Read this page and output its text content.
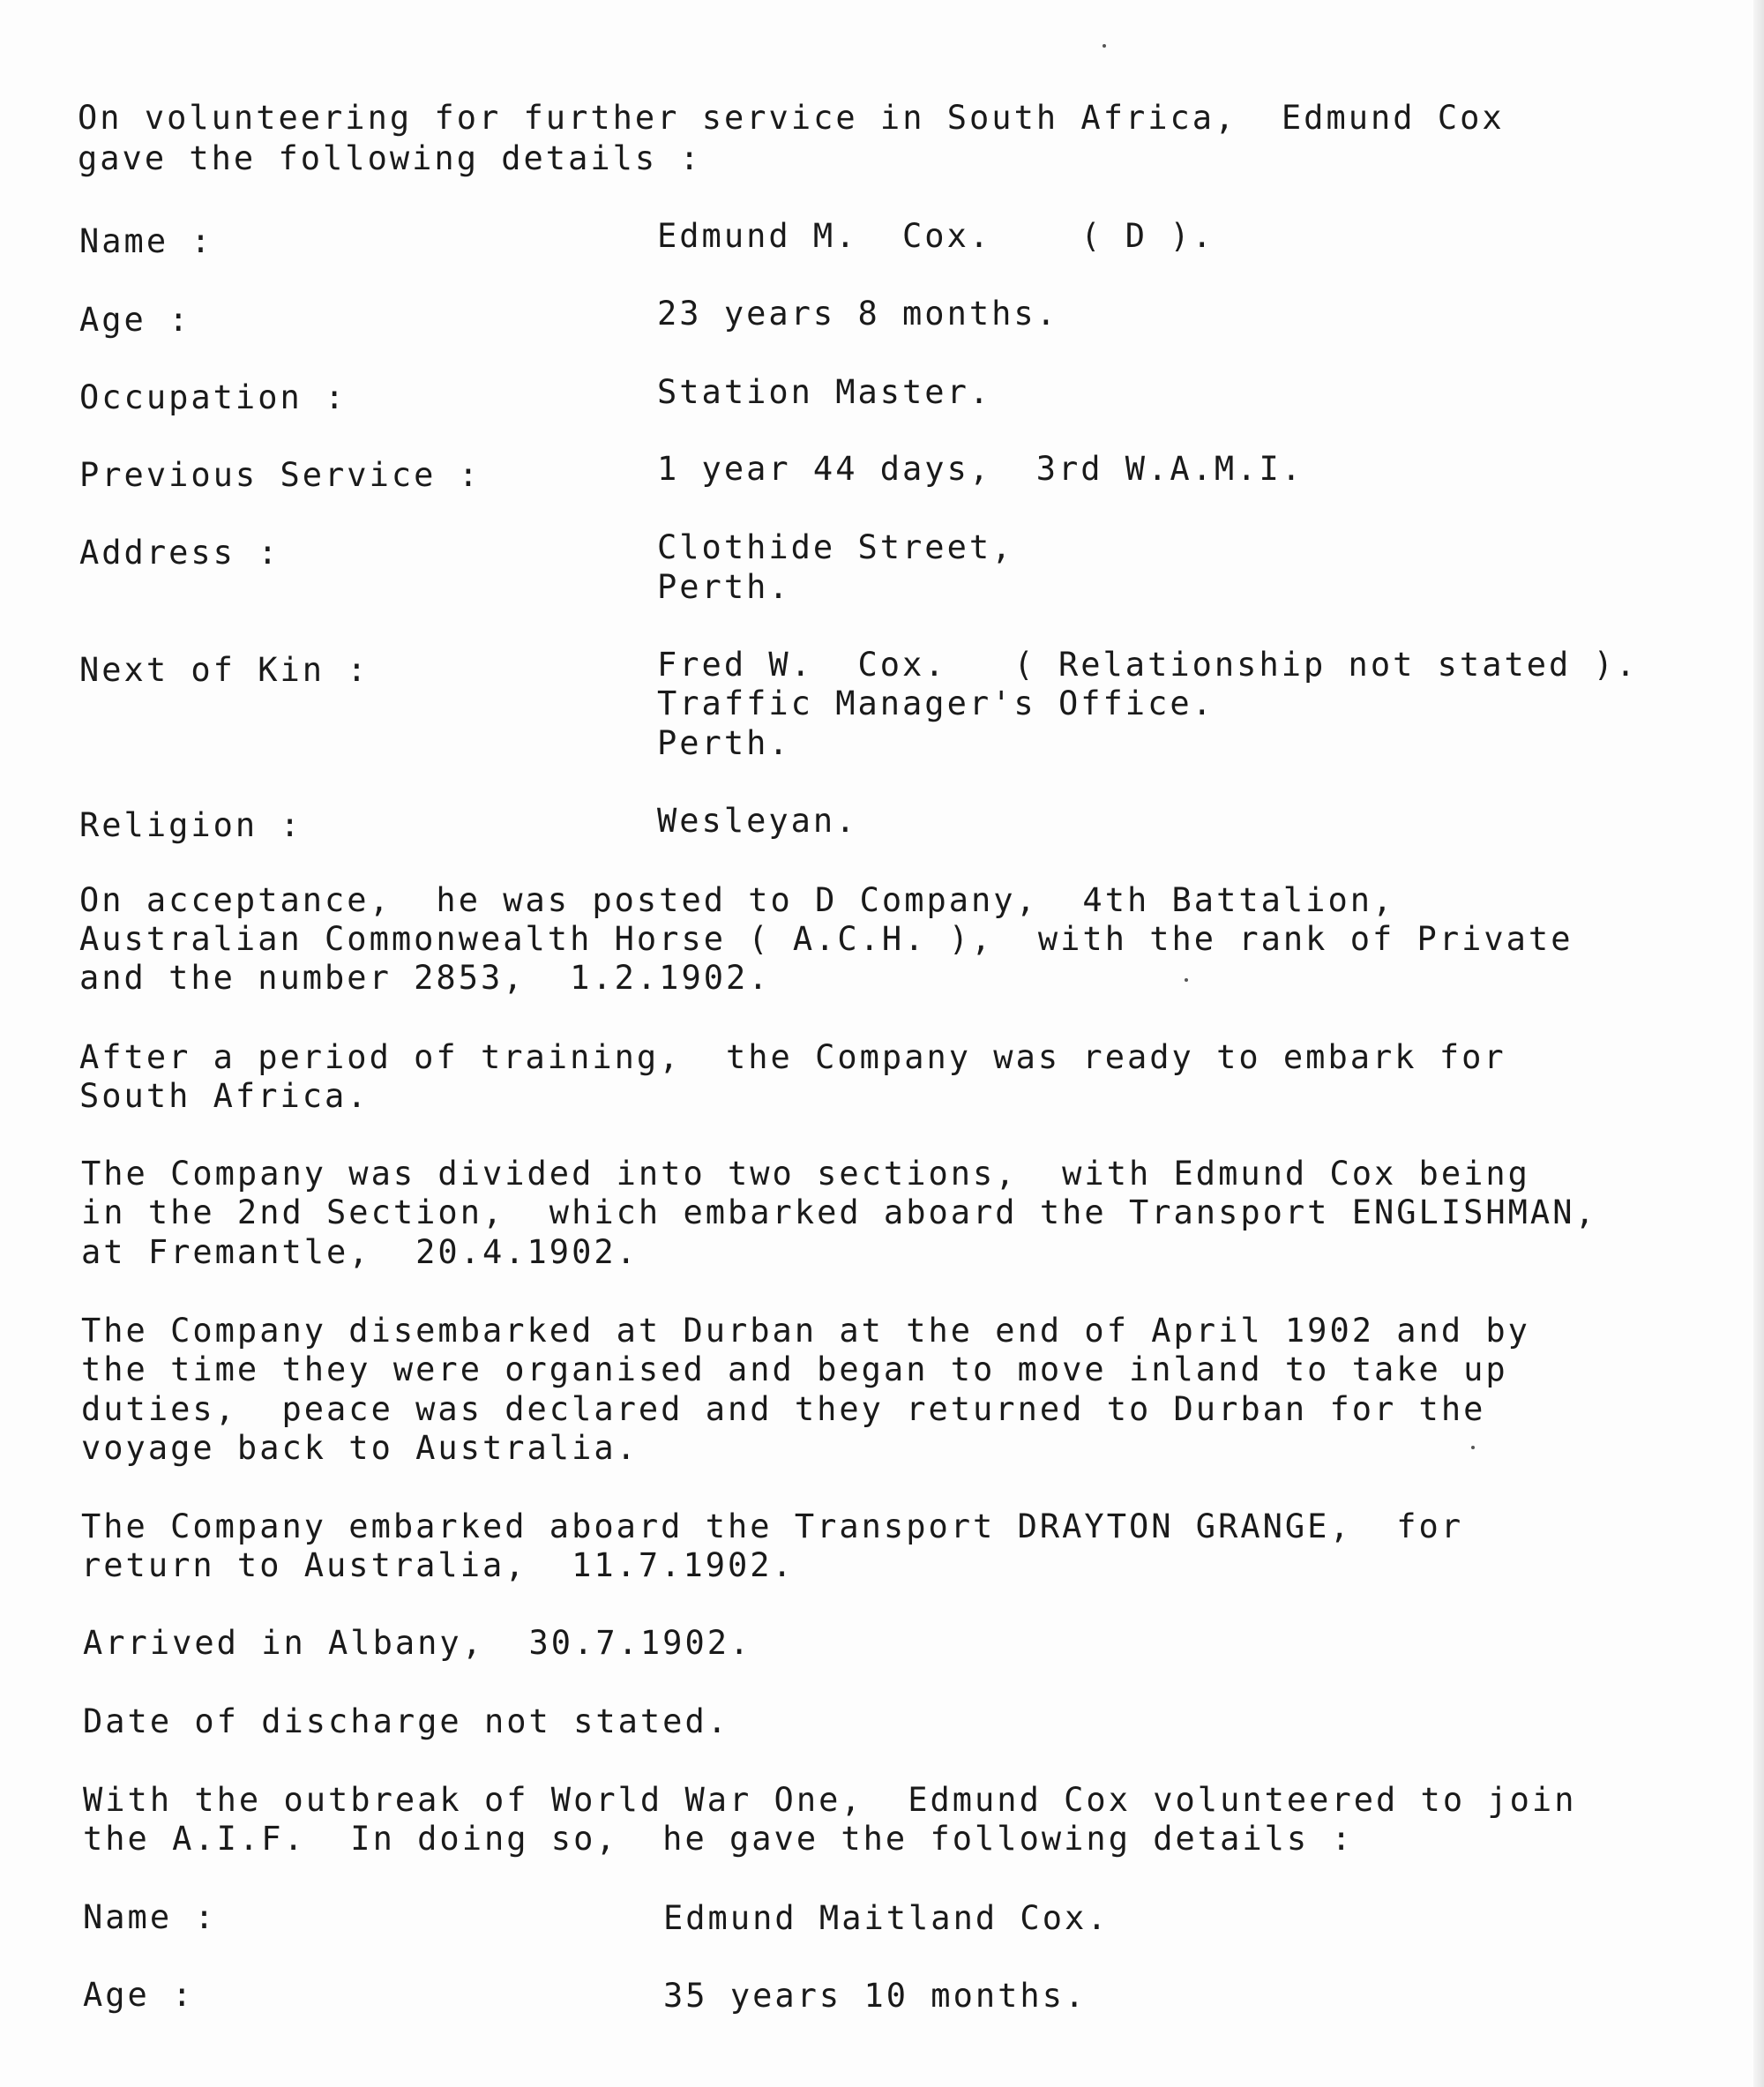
On volunteering for further service in South Africa,  Edmund Cox
gave the following details :
Name :	Edmund M.  Cox.    ( D ).
Age :	23 years 8 months.
Occupation :	Station Master.
Previous Service :	1 year 44 days,  3rd W.A.M.I.
Address :	Clothide Street,
Perth.
Next of Kin :	Fred W.  Cox.   ( Relationship not stated ).
Traffic Manager's Office.
Perth.
Religion :	Wesleyan.
On acceptance,  he was posted to D Company,  4th Battalion,
Australian Commonwealth Horse ( A.C.H. ),  with the rank of Private
and the number 2853,  1.2.1902.
After a period of training,  the Company was ready to embark for
South Africa.
The Company was divided into two sections,  with Edmund Cox being
in the 2nd Section,  which embarked aboard the Transport ENGLISHMAN,
at Fremantle,  20.4.1902.
The Company disembarked at Durban at the end of April 1902 and by
the time they were organised and began to move inland to take up
duties,  peace was declared and they returned to Durban for the
voyage back to Australia.
The Company embarked aboard the Transport DRAYTON GRANGE,  for
return to Australia,  11.7.1902.
Arrived in Albany,  30.7.1902.
Date of discharge not stated.
With the outbreak of World War One,  Edmund Cox volunteered to join
the A.I.F.  In doing so,  he gave the following details :
Name :	Edmund Maitland Cox.
Age :	35 years 10 months.
